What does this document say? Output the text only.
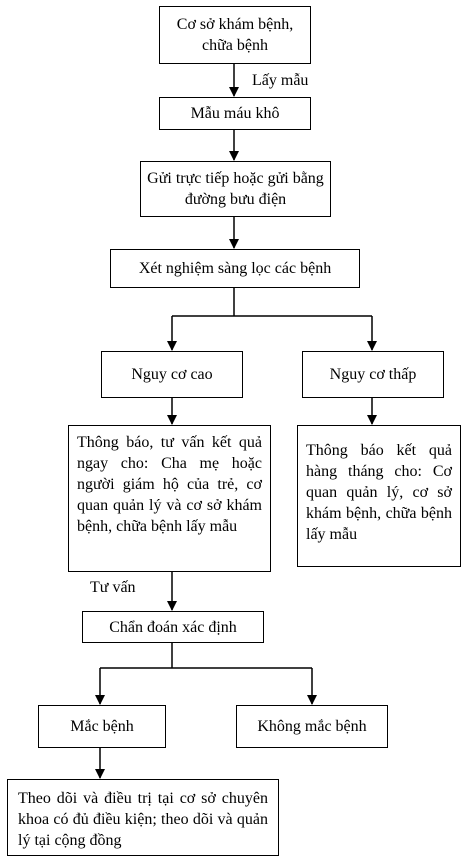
Cơ sở khám bệnh, chữa bệnh
Lấy mẫu
Mẫu máu khô
Gửi trực tiếp hoặc gửi bằng đường bưu điện
Xét nghiệm sàng lọc các bệnh
Nguy cơ cao	Nguy cơ thấp
Thông báo, tư vấn kết quả ngay cho: Cha mẹ hoặc người giám hộ của trẻ, cơ quan quản lý và cơ sở khám bệnh, chữa bệnh lấy mẫu
Thông báo kết quả hàng tháng cho: Cơ quan quản lý, cơ sở khám bệnh, chữa bệnh lấy mẫu
Tư vấn
Chẩn đoán xác định
Mắc bệnh	Không mắc bệnh
Theo dõi và điều trị tại cơ sở chuyên khoa có đủ điều kiện; theo dõi và quản lý tại cộng đồng
